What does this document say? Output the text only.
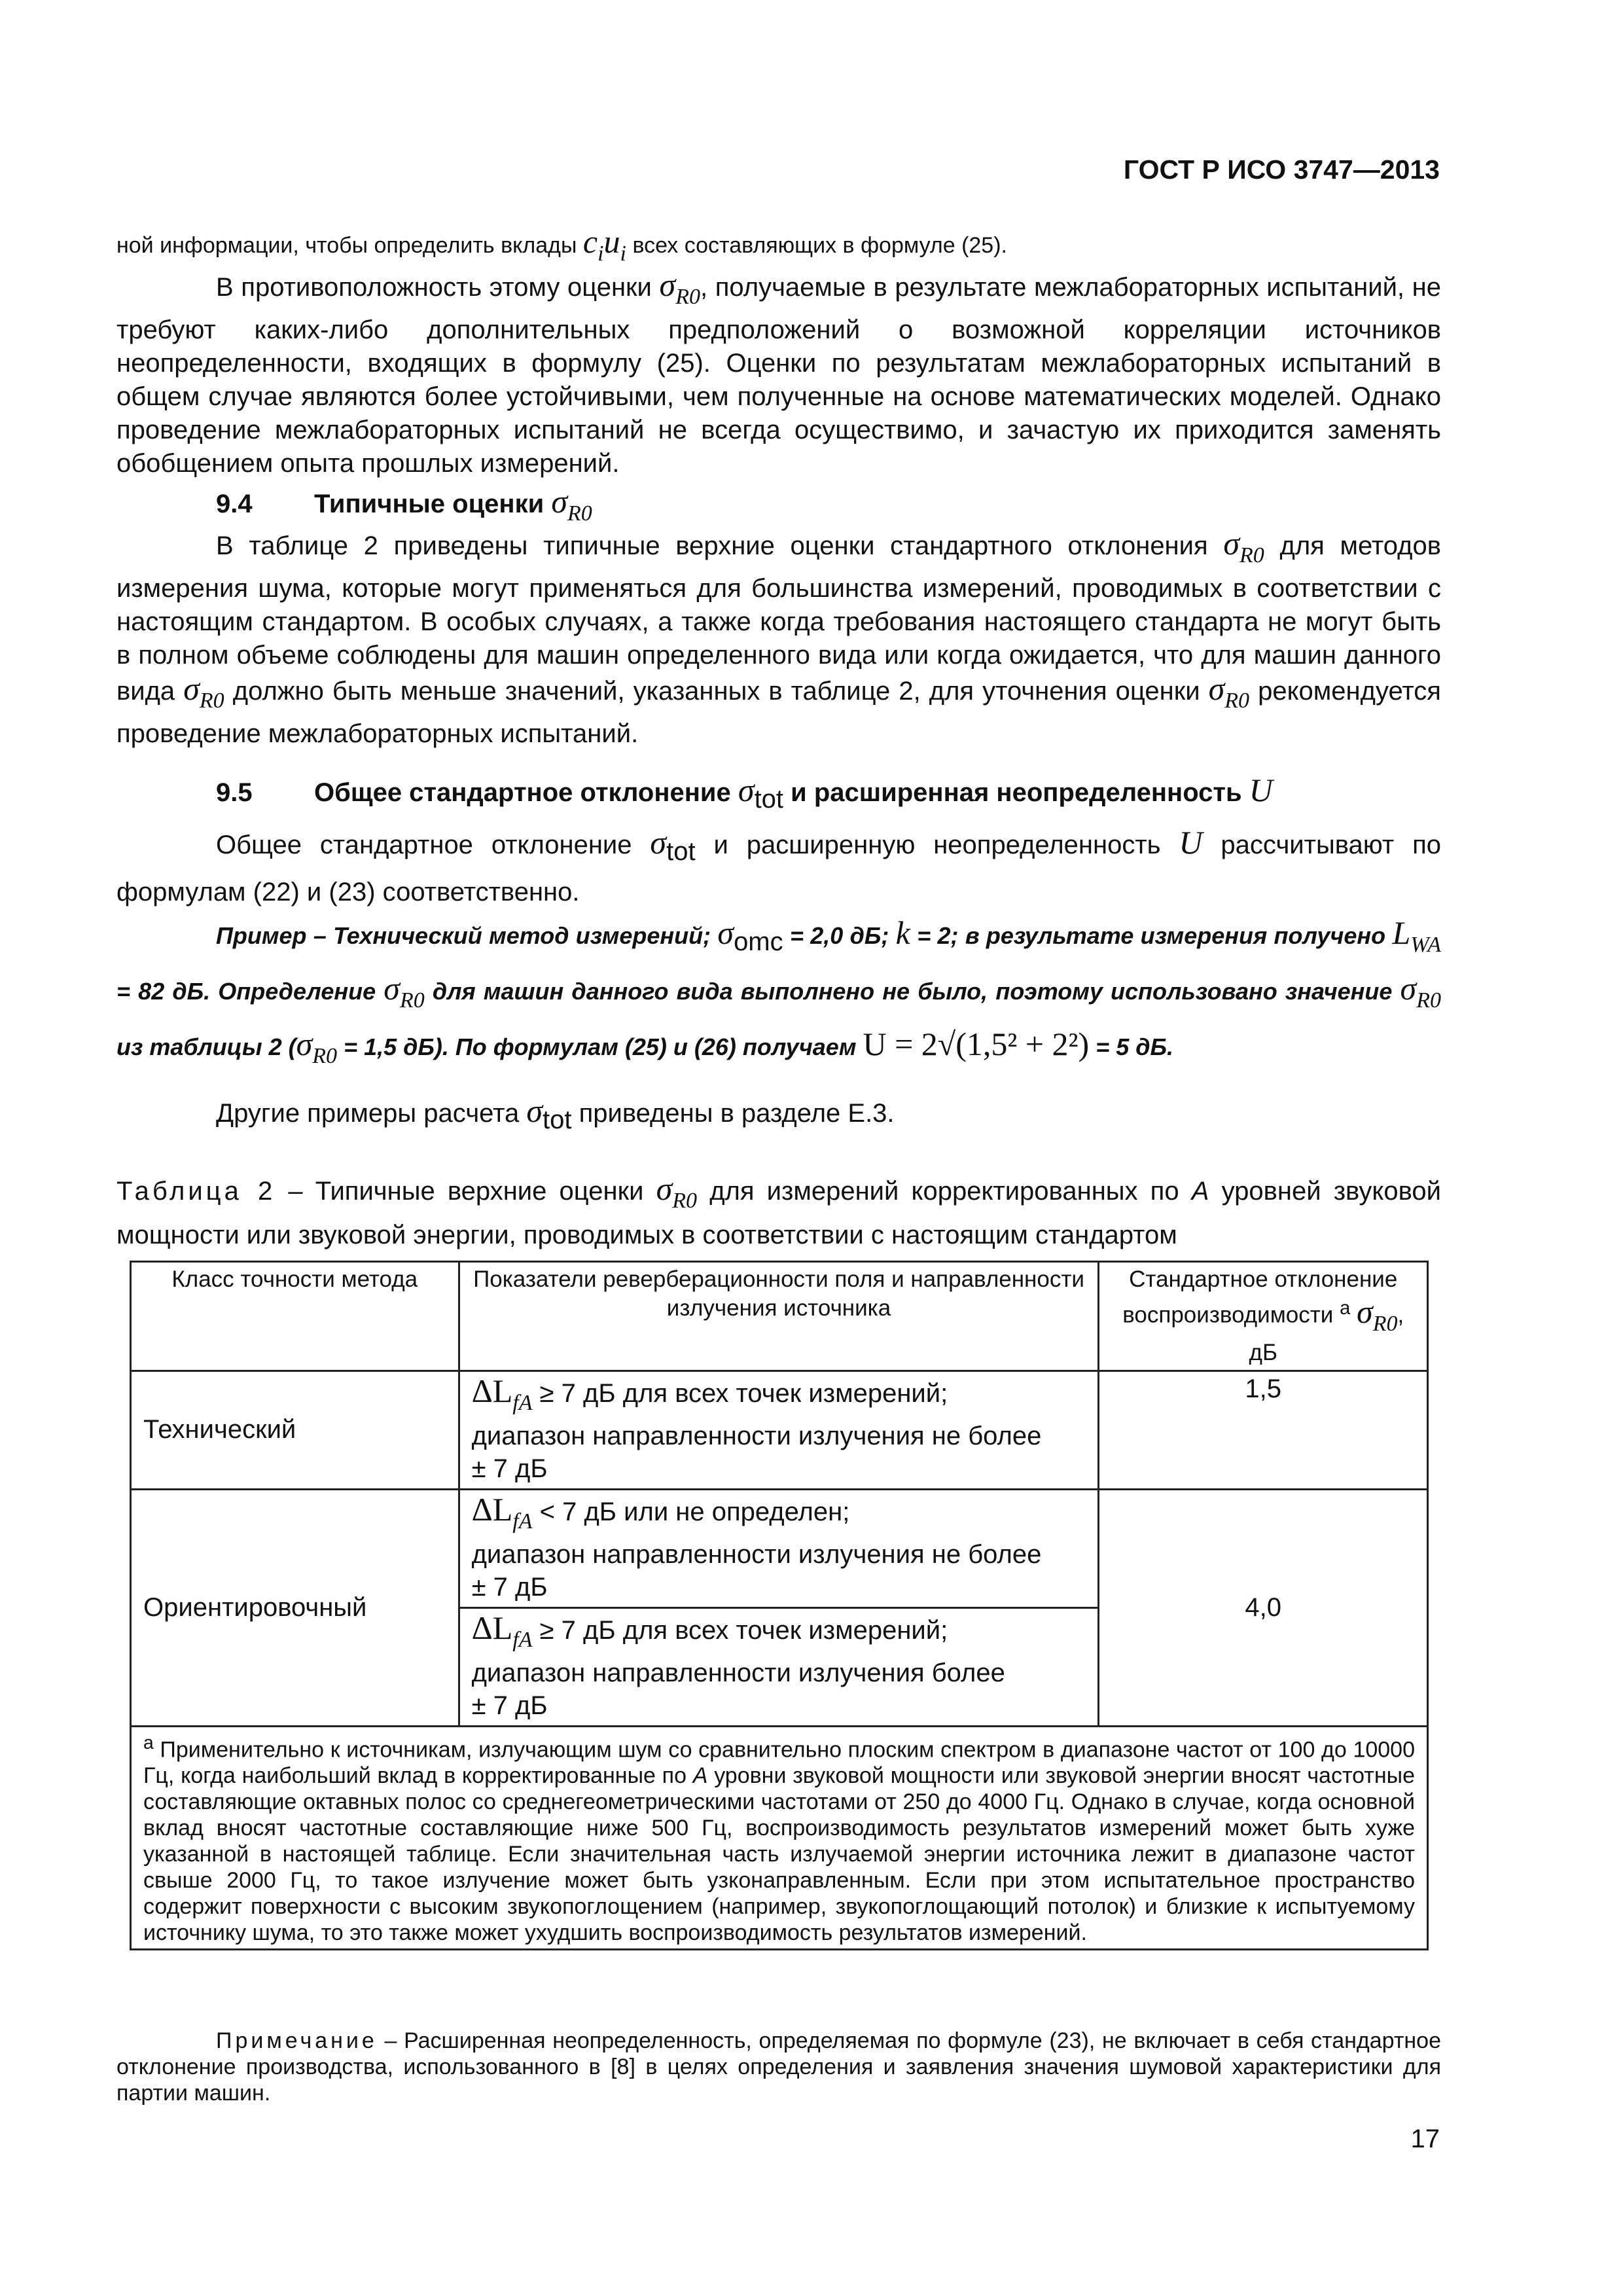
ГОСТ Р ИСО 3747—2013
ной информации, чтобы определить вклады $c_iu_i$ всех составляющих в формуле (25).
В противоположность этому оценки $\sigma_{R0}$, получаемые в результате межлабораторных испытаний, не требуют каких-либо дополнительных предположений о возможной корреляции источников неопределенности, входящих в формулу (25). Оценки по результатам межлабораторных испытаний в общем случае являются более устойчивыми, чем полученные на основе математических моделей. Однако проведение межлабораторных испытаний не всегда осуществимо, и зачастую их приходится заменять обобщением опыта прошлых измерений.
9.4 Типичные оценки $\sigma_{R0}$
В таблице 2 приведены типичные верхние оценки стандартного отклонения $\sigma_{R0}$ для методов измерения шума, которые могут применяться для большинства измерений, проводимых в соответствии с настоящим стандартом. В особых случаях, а также когда требования настоящего стандарта не могут быть в полном объеме соблюдены для машин определенного вида или когда ожидается, что для машин данного вида $\sigma_{R0}$ должно быть меньше значений, указанных в таблице 2, для уточнения оценки $\sigma_{R0}$ рекомендуется проведение межлабораторных испытаний.
9.5 Общее стандартное отклонение $\sigma_{tot}$ и расширенная неопределенность U
Общее стандартное отклонение $\sigma_{tot}$ и расширенную неопределенность U рассчитывают по формулам (22) и (23) соответственно.
Пример – Технический метод измерений; $\sigma_{omc} = 2,0$ дБ; k = 2; в результате измерения получено $L_{WA} = 82$ дБ. Определение $\sigma_{R0}$ для машин данного вида выполнено не было, поэтому использовано значение $\sigma_{R0}$ из таблицы 2 ($\sigma_{R0} = 1,5$ дБ). По формулам (25) и (26) получаем U = 2√(1,5² + 2²) = 5 дБ.
Другие примеры расчета $\sigma_{tot}$ приведены в разделе Е.3.
Таблица 2 – Типичные верхние оценки $\sigma_{R0}$ для измерений корректированных по A уровней звуковой мощности или звуковой энергии, проводимых в соответствии с настоящим стандартом
Класс точности метода	Показатели реверберационности поля и направленности излучения источника	Стандартное отклонение воспроизводимости $^a$ $\sigma_{R0}$, дБ
Технический	$\Delta L_{fA} \ge 7$ дБ для всех точек измерений;
диапазон направленности излучения не более
± 7 дБ	1,5
Ориентировочный	$\Delta L_{fA} < 7$ дБ или не определен;
диапазон направленности излучения не более
± 7 дБ	4,0
	$\Delta L_{fA} \ge 7$ дБ для всех точек измерений;
диапазон направленности излучения более
± 7 дБ	
$^a$ Применительно к источникам, излучающим шум со сравнительно плоским спектром в диапазоне частот от 100 до 10000 Гц, когда наибольший вклад в корректированные по A уровни звуковой мощности или звуковой энергии вносят частотные составляющие октавных полос со среднегеометрическими частотами от 250 до 4000 Гц. Однако в случае, когда основной вклад вносят частотные составляющие ниже 500 Гц, воспроизводимость результатов измерений может быть хуже указанной в настоящей таблице. Если значительная часть излучаемой энергии источника лежит в диапазоне частот свыше 2000 Гц, то такое излучение может быть узконаправленным. Если при этом испытательное пространство содержит поверхности с высоким звукопоглощением (например, звукопоглощающий потолок) и близкие к испытуемому источнику шума, то это также может ухудшить воспроизводимость результатов измерений.		
Примечание – Расширенная неопределенность, определяемая по формуле (23), не включает в себя стандартное отклонение производства, использованного в [8] в целях определения и заявления значения шумовой характеристики для партии машин.
17
